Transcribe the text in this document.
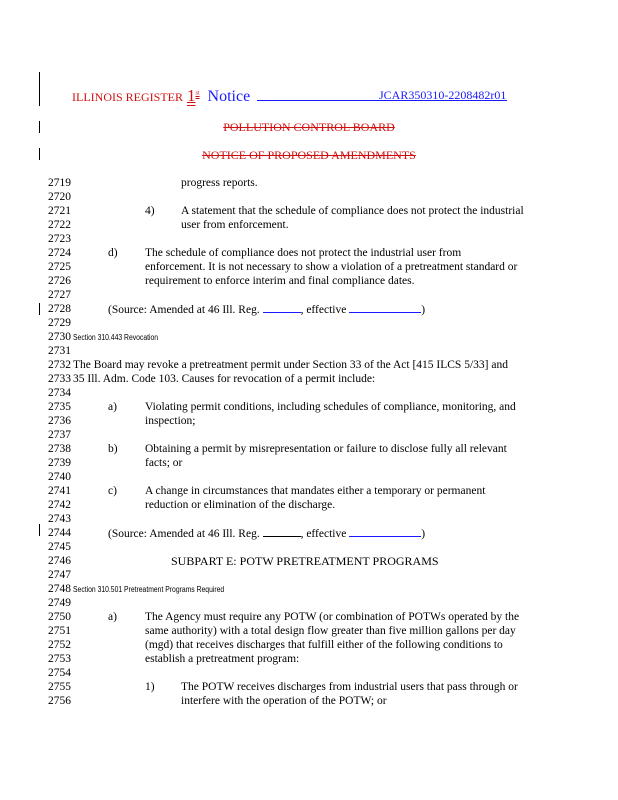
ILLINOIS REGISTER 1st Notice	JCAR350310-2208482r01
POLLUTION CONTROL BOARD
NOTICE OF PROPOSED AMENDMENTS
2719
2720
2721
2722
2723
2724
2725
2726
2727
2728
2729
2730
2731
2732
2733
2734
2735
2736
2737
2738
2739
2740
2741
2742
2743
2744
2745
2746
2747
2748
2749
2750
2751
2752
2753
2754
2755
2756
progress reports.
4) A statement that the schedule of compliance does not protect the industrial
user from enforcement.
d) The schedule of compliance does not protect the industrial user from
enforcement. It is not necessary to show a violation of a pretreatment standard or
requirement to enforce interim and final compliance dates.
(Source: Amended at 46 Ill. Reg.	, effective	)
Section 310.443 Revocation
The Board may revoke a pretreatment permit under Section 33 of the Act [415 ILCS 5/33] and
35 Ill. Adm. Code 103. Causes for revocation of a permit include:
a) Violating permit conditions, including schedules of compliance, monitoring, and
inspection;
b) Obtaining a permit by misrepresentation or failure to disclose fully all relevant
facts; or
c) A change in circumstances that mandates either a temporary or permanent
reduction or elimination of the discharge.
(Source: Amended at 46 Ill. Reg.	, effective	)
SUBPART E: POTW PRETREATMENT PROGRAMS
Section 310.501 Pretreatment Programs Required
a) The Agency must require any POTW (or combination of POTWs operated by the
same authority) with a total design flow greater than five million gallons per day
(mgd) that receives discharges that fulfill either of the following conditions to
establish a pretreatment program:
1) The POTW receives discharges from industrial users that pass through or
interfere with the operation of the POTW; or
